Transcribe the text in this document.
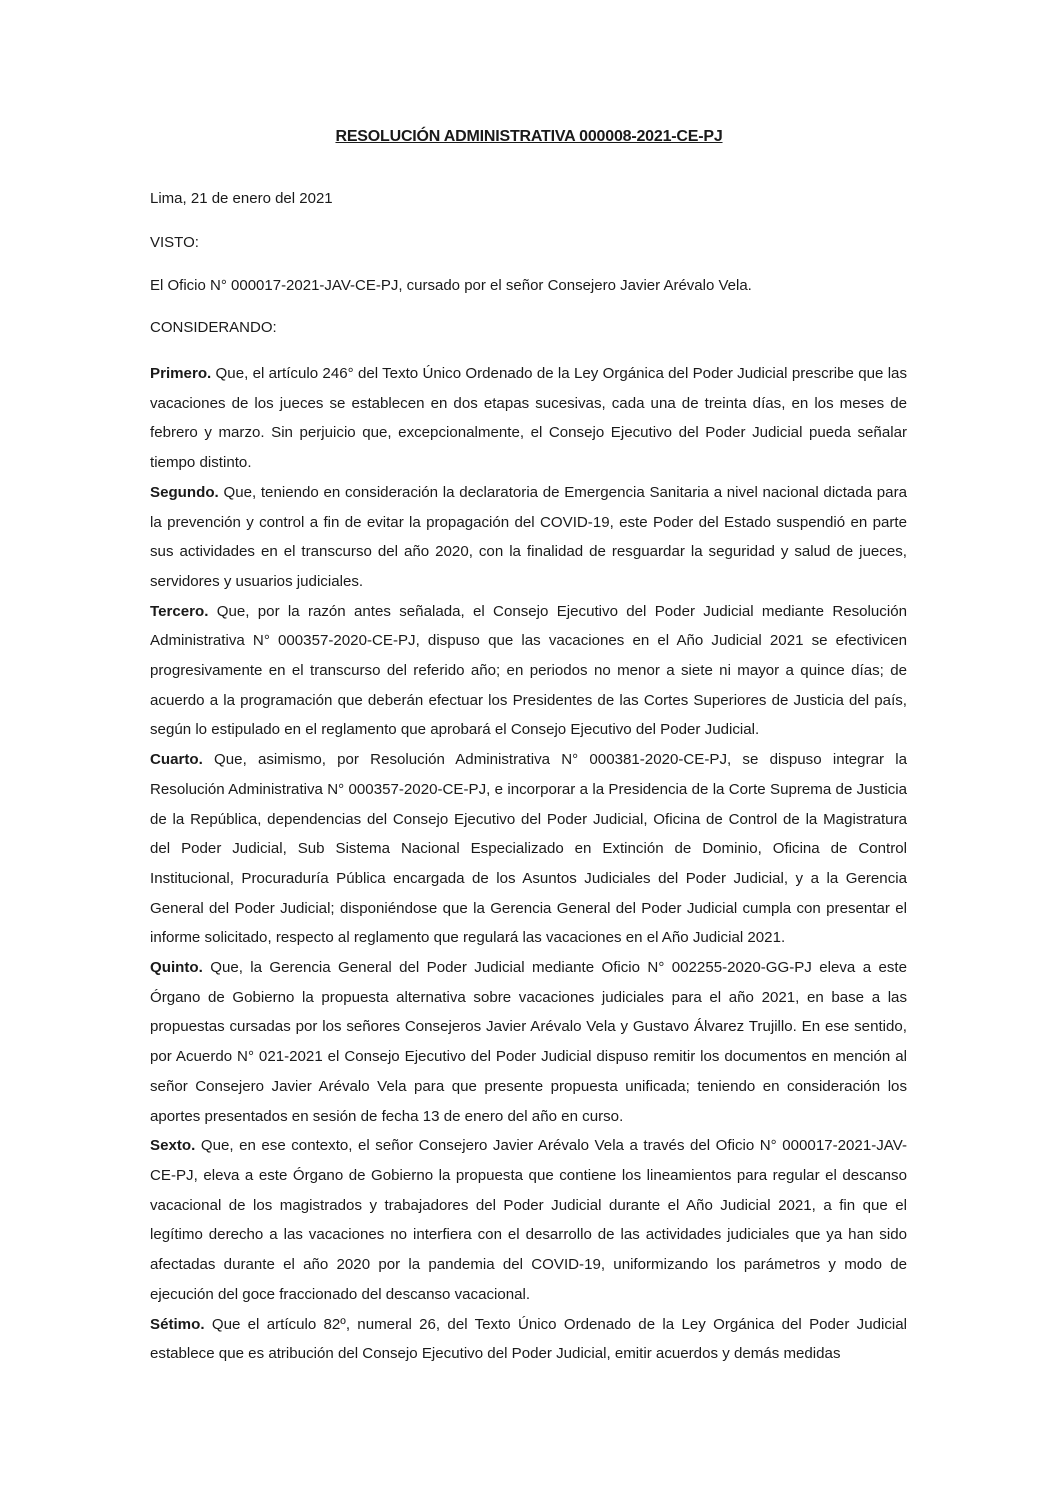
RESOLUCIÓN ADMINISTRATIVA 000008-2021-CE-PJ
Lima, 21 de enero del 2021
VISTO:
El Oficio N° 000017-2021-JAV-CE-PJ, cursado por el señor Consejero Javier Arévalo Vela.
CONSIDERANDO:

Primero. Que, el artículo 246° del Texto Único Ordenado de la Ley Orgánica del Poder Judicial prescribe que las vacaciones de los jueces se establecen en dos etapas sucesivas, cada una de treinta días, en los meses de febrero y marzo. Sin perjuicio que, excepcionalmente, el Consejo Ejecutivo del Poder Judicial pueda señalar tiempo distinto.

Segundo. Que, teniendo en consideración la declaratoria de Emergencia Sanitaria a nivel nacional dictada para la prevención y control a fin de evitar la propagación del COVID-19, este Poder del Estado suspendió en parte sus actividades en el transcurso del año 2020, con la finalidad de resguardar la seguridad y salud de jueces, servidores y usuarios judiciales.

Tercero. Que, por la razón antes señalada, el Consejo Ejecutivo del Poder Judicial mediante Resolución Administrativa N° 000357-2020-CE-PJ, dispuso que las vacaciones en el Año Judicial 2021 se efectivicen progresivamente en el transcurso del referido año; en periodos no menor a siete ni mayor a quince días; de acuerdo a la programación que deberán efectuar los Presidentes de las Cortes Superiores de Justicia del país, según lo estipulado en el reglamento que aprobará el Consejo Ejecutivo del Poder Judicial.

Cuarto. Que, asimismo, por Resolución Administrativa N° 000381-2020-CE-PJ, se dispuso integrar la Resolución Administrativa N° 000357-2020-CE-PJ, e incorporar a la Presidencia de la Corte Suprema de Justicia de la República, dependencias del Consejo Ejecutivo del Poder Judicial, Oficina de Control de la Magistratura del Poder Judicial, Sub Sistema Nacional Especializado en Extinción de Dominio, Oficina de Control Institucional, Procuraduría Pública encargada de los Asuntos Judiciales del Poder Judicial, y a la Gerencia General del Poder Judicial; disponiéndose que la Gerencia General del Poder Judicial cumpla con presentar el informe solicitado, respecto al reglamento que regulará las vacaciones en el Año Judicial 2021.

Quinto. Que, la Gerencia General del Poder Judicial mediante Oficio N° 002255-2020-GG-PJ eleva a este Órgano de Gobierno la propuesta alternativa sobre vacaciones judiciales para el año 2021, en base a las propuestas cursadas por los señores Consejeros Javier Arévalo Vela y Gustavo Álvarez Trujillo. En ese sentido, por Acuerdo N° 021-2021 el Consejo Ejecutivo del Poder Judicial dispuso remitir los documentos en mención al señor Consejero Javier Arévalo Vela para que presente propuesta unificada; teniendo en consideración los aportes presentados en sesión de fecha 13 de enero del año en curso.

Sexto. Que, en ese contexto, el señor Consejero Javier Arévalo Vela a través del Oficio N° 000017-2021-JAV-CE-PJ, eleva a este Órgano de Gobierno la propuesta que contiene los lineamientos para regular el descanso vacacional de los magistrados y trabajadores del Poder Judicial durante el Año Judicial 2021, a fin que el legítimo derecho a las vacaciones no interfiera con el desarrollo de las actividades judiciales que ya han sido afectadas durante el año 2020 por la pandemia del COVID-19, uniformizando los parámetros y modo de ejecución del goce fraccionado del descanso vacacional.

Sétimo. Que el artículo 82º, numeral 26, del Texto Único Ordenado de la Ley Orgánica del Poder Judicial establece que es atribución del Consejo Ejecutivo del Poder Judicial, emitir acuerdos y demás medidas
